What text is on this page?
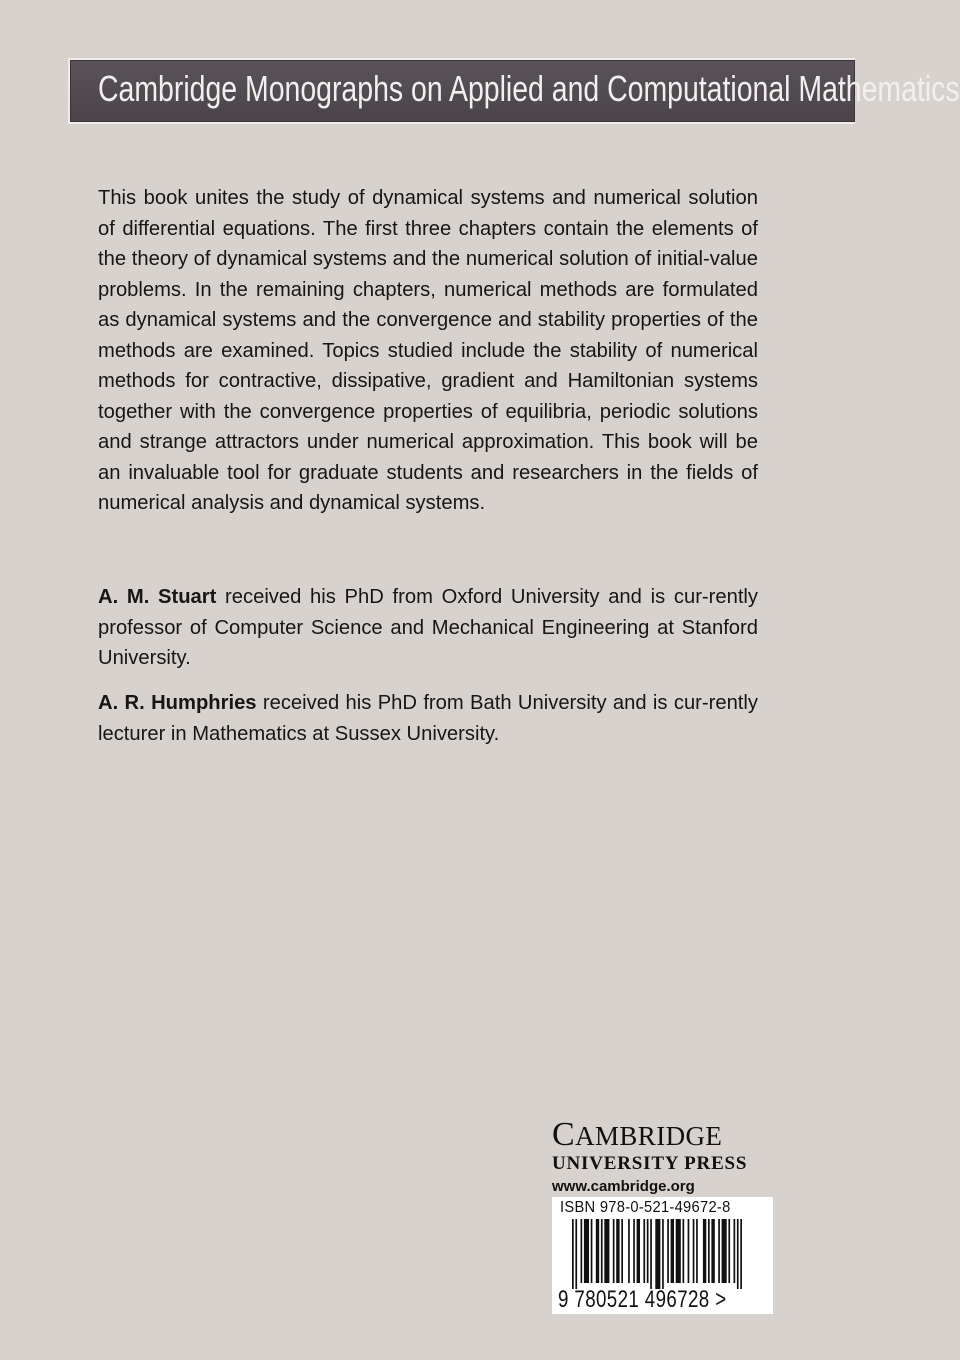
Cambridge Monographs on Applied and Computational Mathematics

This book unites the study of dynamical systems and numerical solution of differential equations. The first three chapters contain the elements of the theory of dynamical systems and the numerical solution of initial-value problems. In the remaining chapters, numerical methods are formulated as dynamical systems and the convergence and stability properties of the methods are examined. Topics studied include the stability of numerical methods for contractive, dissipative, gradient and Hamiltonian systems together with the convergence properties of equilibria, periodic solutions and strange attractors under numerical approximation. This book will be an invaluable tool for graduate students and researchers in the fields of numerical analysis and dynamical systems.

A. M. Stuart received his PhD from Oxford University and is cur-rently professor of Computer Science and Mechanical Engineering at Stanford University.

A. R. Humphries received his PhD from Bath University and is cur-rently lecturer in Mathematics at Sussex University.

CAMBRIDGE
UNIVERSITY PRESS
www.cambridge.org
ISBN 978-0-521-49672-8
9 780521 496728 >
